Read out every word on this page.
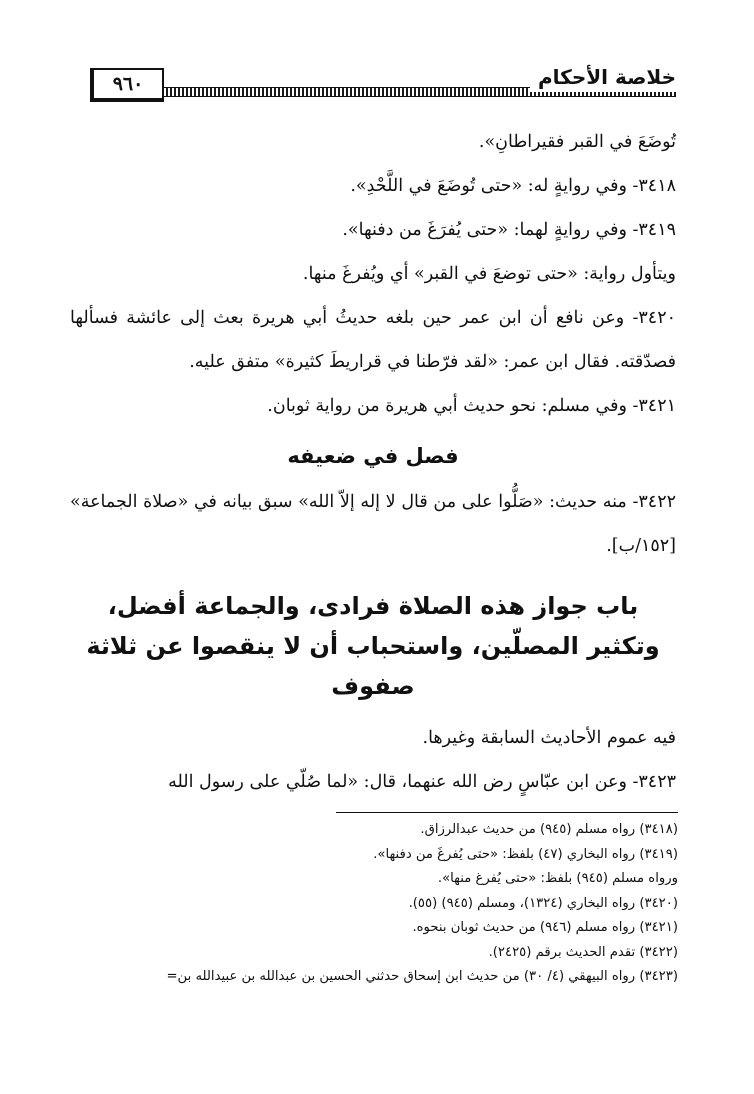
خلاصة الأحكام
٩٦٠

تُوضَعَ في القبر فقيراطانِ».

٣٤١٨- وفي روايةٍ له: «حتى تُوضَعَ في اللَّحْدِ».

٣٤١٩- وفي روايةٍ لهما: «حتى يُفرَغَ من دفنها».

ويتأول رواية: «حتى توضعَ في القبر» أي ويُفرغَ منها.

٣٤٢٠- وعن نافع أن ابن عمر حين بلغه حديثُ أبي هريرة بعث إلى عائشة فسألها فصدّقته. فقال ابن عمر: «لقد فرّطنا في قراريطَ كثيرة» متفق عليه.

٣٤٢١- وفي مسلم: نحو حديث أبي هريرة من رواية ثوبان.

فصل في ضعيفه

٣٤٢٢- منه حديث: «صَلُّوا على من قال لا إله إلاّ الله» سبق بيانه في «صلاة الجماعة» [١٥٢/ب].

باب جواز هذه الصلاة فرادى، والجماعة أفضل،
وتكثير المصلّين، واستحباب أن لا ينقصوا عن ثلاثة صفوف

فيه عموم الأحاديث السابقة وغيرها.

٣٤٢٣- وعن ابن عبّاسٍ رض الله عنهما، قال: «لما صُلّي على رسول الله

(٣٤١٨) رواه مسلم (٩٤٥) من حديث عبدالرزاق.

(٣٤١٩) رواه البخاري (٤٧) بلفظ: «حتى يُفرغَ من دفنها».

ورواه مسلم (٩٤٥) بلفظ: «حتى يُفرغ منها».

(٣٤٢٠) رواه البخاري (١٣٢٤)، ومسلم (٩٤٥) (٥٥).

(٣٤٢١) رواه مسلم (٩٤٦) من حديث ثوبان بنحوه.

(٣٤٢٢) تقدم الحديث برقم (٢٤٢٥).

(٣٤٢٣) رواه البيهقي (٤/ ٣٠) من حديث ابن إسحاق حدثني الحسين بن عبدالله بن عبيدالله بن=
